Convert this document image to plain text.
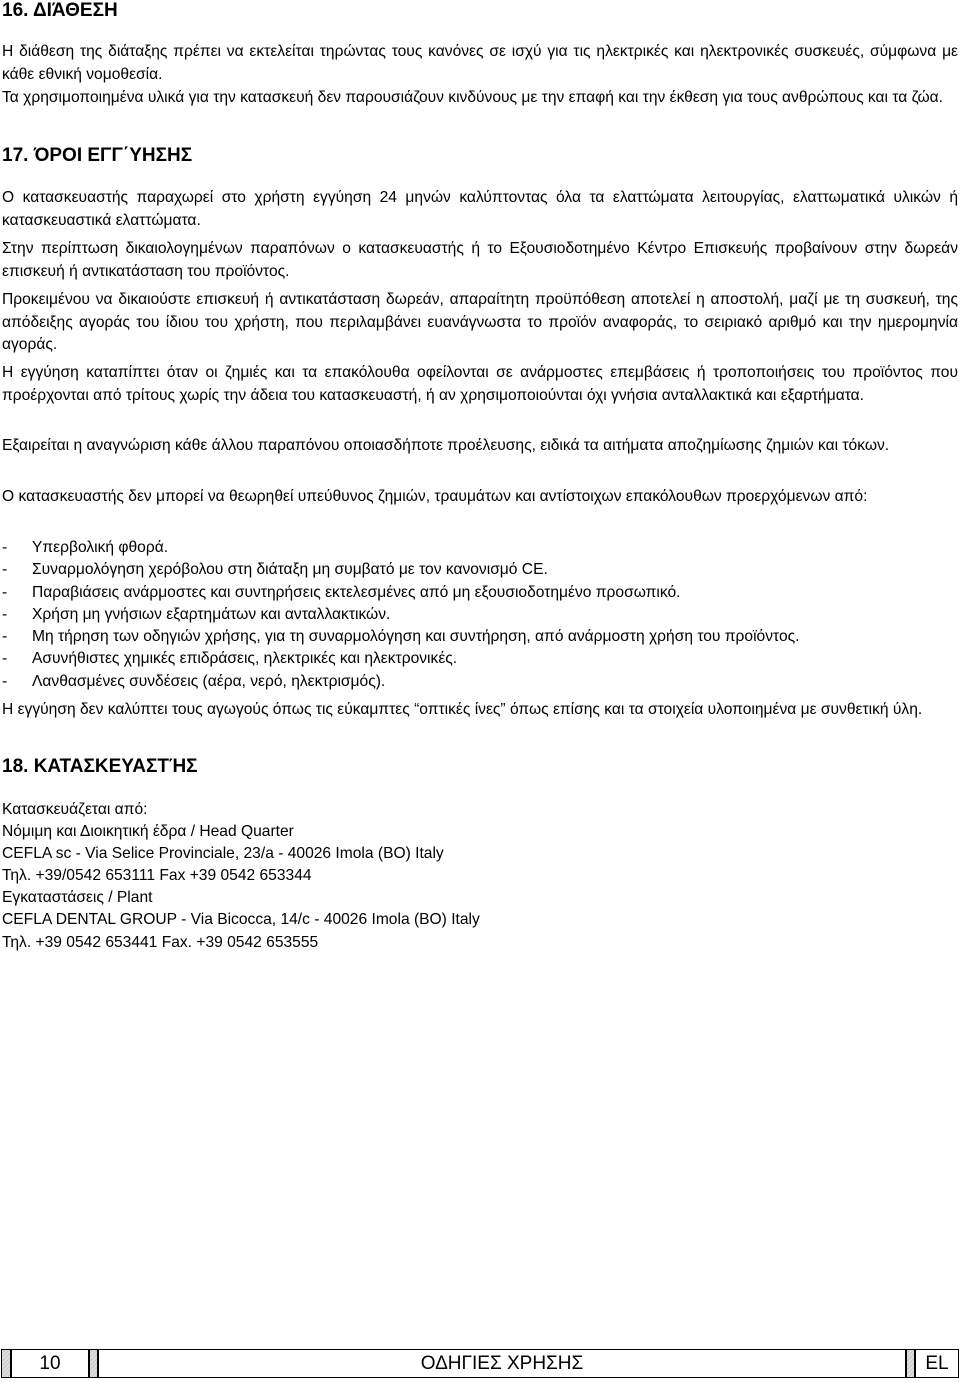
16. ΔΙΆΘΕΣΗ

Η διάθεση της διάταξης πρέπει να εκτελείται τηρώντας τους κανόνες σε ισχύ για τις ηλεκτρικές και ηλεκτρονικές συσκευές, σύμφωνα με κάθε εθνική νομοθεσία.

Τα χρησιμοποιημένα υλικά για την κατασκευή δεν παρουσιάζουν κινδύνους με την επαφή και την έκθεση για τους ανθρώπους και τα ζώα.

17. ΌΡΟΙ ΕΓΓ΄ΥΗΣΗΣ

Ο κατασκευαστής παραχωρεί στο χρήστη εγγύηση 24 μηνών καλύπτοντας όλα τα ελαττώματα λειτουργίας, ελαττωματικά υλικών ή κατασκευαστικά ελαττώματα.

Στην περίπτωση δικαιολογημένων παραπόνων ο κατασκευαστής ή το Εξουσιοδοτημένο Κέντρο Επισκευής προβαίνουν στην δωρεάν επισκευή ή αντικατάσταση του προϊόντος.

Προκειμένου να δικαιούστε επισκευή ή αντικατάσταση δωρεάν, απαραίτητη προϋπόθεση αποτελεί η αποστολή, μαζί με τη συσκευή, της απόδειξης αγοράς του ίδιου του χρήστη, που περιλαμβάνει ευανάγνωστα το προϊόν αναφοράς, το σειριακό αριθμό και την ημερομηνία αγοράς.

Η εγγύηση καταπίπτει όταν οι ζημιές και τα επακόλουθα οφείλονται σε ανάρμοστες επεμβάσεις ή τροποποιήσεις του προϊόντος που προέρχονται από τρίτους χωρίς την άδεια του κατασκευαστή, ή αν χρησιμοποιούνται όχι γνήσια ανταλλακτικά και εξαρτήματα.

Εξαιρείται η αναγνώριση κάθε άλλου παραπόνου οποιασδήποτε προέλευσης, ειδικά τα αιτήματα αποζημίωσης ζημιών και τόκων.

Ο κατασκευαστής δεν μπορεί να θεωρηθεί υπεύθυνος ζημιών, τραυμάτων και αντίστοιχων επακόλουθων προερχόμενων από:

- Υπερβολική φθορά.
- Συναρμολόγηση χερόβολου στη διάταξη μη συμβατό με τον κανονισμό CE.
- Παραβιάσεις ανάρμοστες και συντηρήσεις εκτελεσμένες από μη εξουσιοδοτημένο προσωπικό.
- Χρήση μη γνήσιων εξαρτημάτων και ανταλλακτικών.
- Μη τήρηση των οδηγιών χρήσης, για τη συναρμολόγηση και συντήρηση, από ανάρμοστη χρήση του προϊόντος.
- Ασυνήθιστες χημικές επιδράσεις, ηλεκτρικές και ηλεκτρονικές.
- Λανθασμένες συνδέσεις (αέρα, νερό, ηλεκτρισμός).

Η εγγύηση δεν καλύπτει τους αγωγούς όπως τις εύκαμπτες “οπτικές ίνες” όπως επίσης και τα στοιχεία υλοποιημένα με συνθετική ύλη.

18. ΚΑΤΑΣΚΕΥΑΣΤΉΣ
Κατασκευάζεται από:
Νόμιμη και Διοικητική έδρα / Head Quarter
CEFLA sc - Via Selice Provinciale, 23/a - 40026 Imola (BO) Italy
Τηλ. +39/0542 653111 Fax +39 0542 653344
Εγκαταστάσεις / Plant
CEFLA DENTAL GROUP - Via Bicocca, 14/c - 40026 Imola (BO) Italy
Τηλ. +39 0542 653441 Fax. +39 0542 653555
10	ΟΔΗΓΙΕΣ ΧΡΗΣΗΣ	EL
